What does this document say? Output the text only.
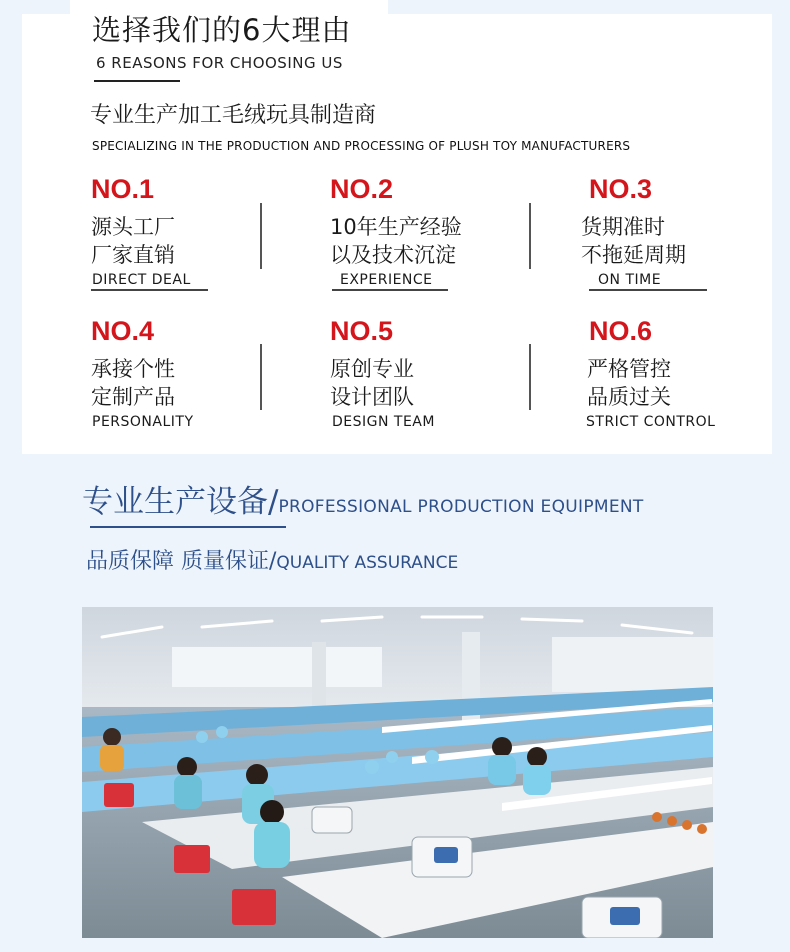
选择我们的6大理由
6 REASONS FOR CHOOSING US
专业生产加工毛绒玩具制造商
SPECIALIZING IN THE PRODUCTION AND PROCESSING OF PLUSH TOY MANUFACTURERS
NO.1
源头工厂
厂家直销
DIRECT DEAL
NO.2
10年生产经验
以及技术沉淀
EXPERIENCE
NO.3
货期准时
不拖延周期
ON TIME
NO.4
承接个性
定制产品
PERSONALITY
NO.5
原创专业
设计团队
DESIGN TEAM
NO.6
严格管控
品质过关
STRICT CONTROL
专业生产设备/PROFESSIONAL PRODUCTION EQUIPMENT
品质保障 质量保证/QUALITY ASSURANCE
